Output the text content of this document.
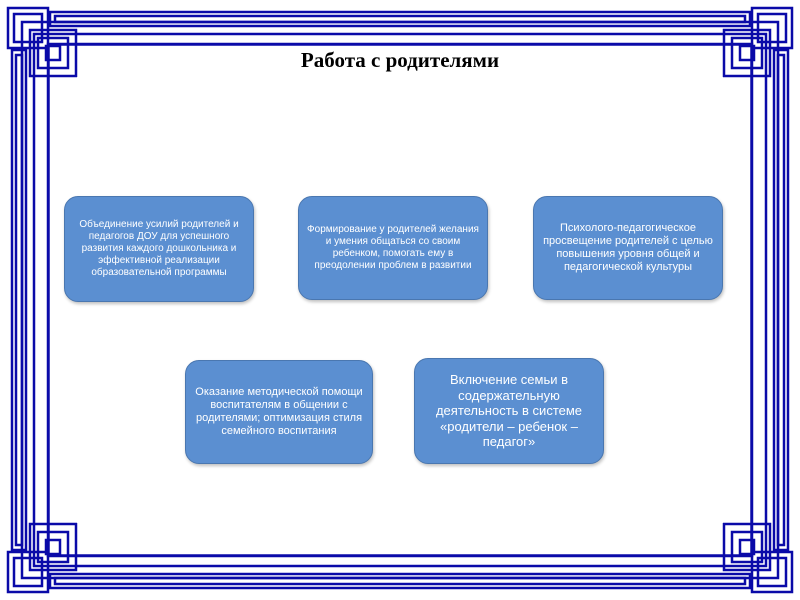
Работа с родителями
Объединение усилий родителей и педагогов ДОУ для успешного развития каждого дошкольника и эффективной реализации образовательной программы
Формирование у родителей желания и умения общаться со своим ребенком, помогать ему в преодолении проблем в развитии
Психолого-педагогическое просвещение родителей с целью повышения уровня общей и педагогической культуры
Оказание методической помощи воспитателям в общении с родителями; оптимизация стиля семейного воспитания
Включение семьи в содержательную деятельность в системе «родители – ребенок – педагог»
